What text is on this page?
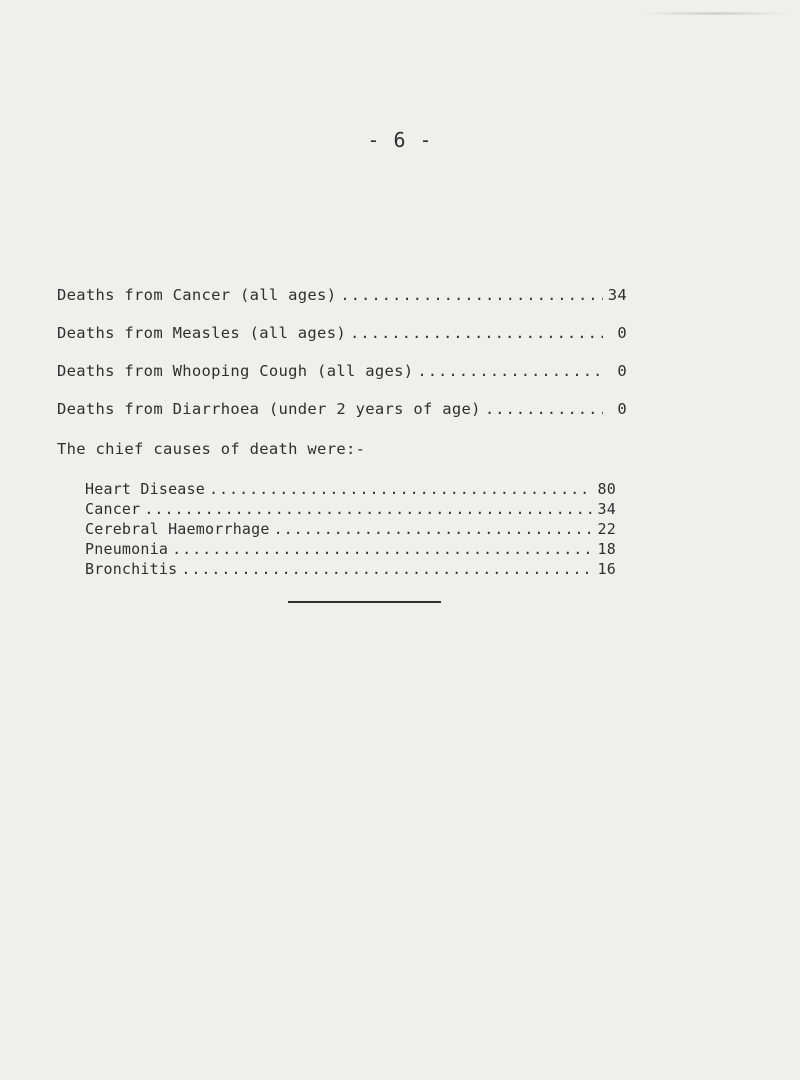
- 6 -
Deaths from Cancer (all ages) .....	34
Deaths from Measles (all ages) .....	0
Deaths from Whooping Cough (all ages) .....	0
Deaths from Diarrhoea (under 2 years of age) .....	0
The chief causes of death were:-
Heart Disease .....	80
Cancer .....	34
Cerebral Haemorrhage .....	22
Pneumonia .....	18
Bronchitis .....	16
